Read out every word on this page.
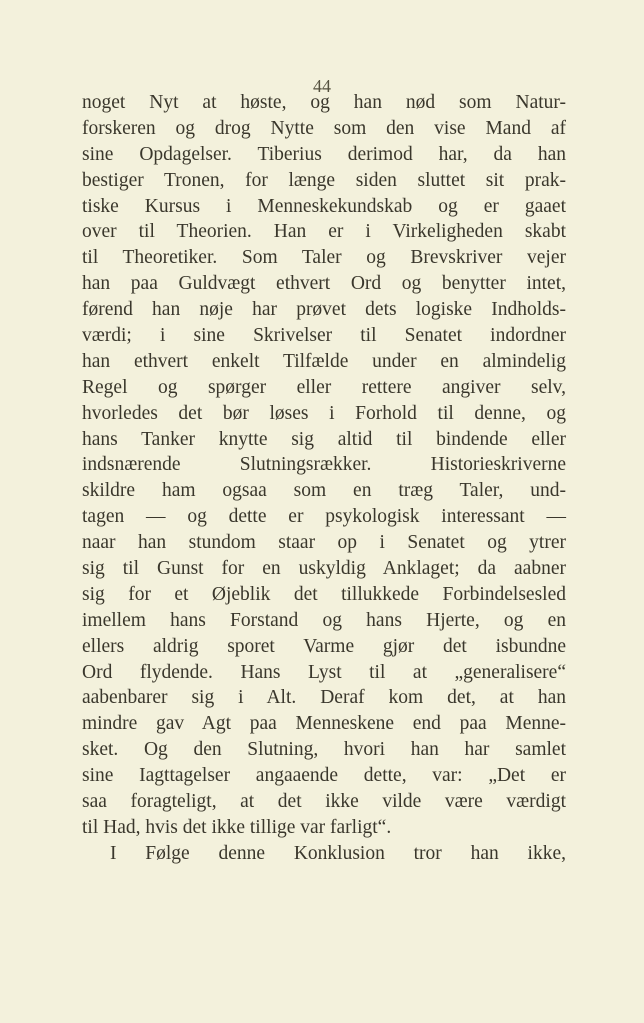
44
noget Nyt at høste, og han nød som Natur-
forskeren og drog Nytte som den vise Mand af
sine Opdagelser. Tiberius derimod har, da han
bestiger Tronen, for længe siden sluttet sit prak-
tiske Kursus i Menneskekundskab og er gaaet
over til Theorien. Han er i Virkeligheden skabt
til Theoretiker. Som Taler og Brevskriver vejer
han paa Guldvægt ethvert Ord og benytter intet,
førend han nøje har prøvet dets logiske Indholds-
værdi; i sine Skrivelser til Senatet indordner
han ethvert enkelt Tilfælde under en almindelig
Regel og spørger eller rettere angiver selv,
hvorledes det bør løses i Forhold til denne, og
hans Tanker knytte sig altid til bindende eller
indsnærende Slutningsrækker. Historieskriverne
skildre ham ogsaa som en træg Taler, und-
tagen — og dette er psykologisk interessant —
naar han stundom staar op i Senatet og ytrer
sig til Gunst for en uskyldig Anklaget; da aabner
sig for et Øjeblik det tillukkede Forbindelsesled
imellem hans Forstand og hans Hjerte, og en
ellers aldrig sporet Varme gjør det isbundne
Ord flydende. Hans Lyst til at „generalisere“
aabenbarer sig i Alt. Deraf kom det, at han
mindre gav Agt paa Menneskene end paa Menne-
sket. Og den Slutning, hvori han har samlet
sine Iagttagelser angaaende dette, var: „Det er
saa foragteligt, at det ikke vilde være værdigt
til Had, hvis det ikke tillige var farligt“.
I Følge denne Konklusion tror han ikke,
